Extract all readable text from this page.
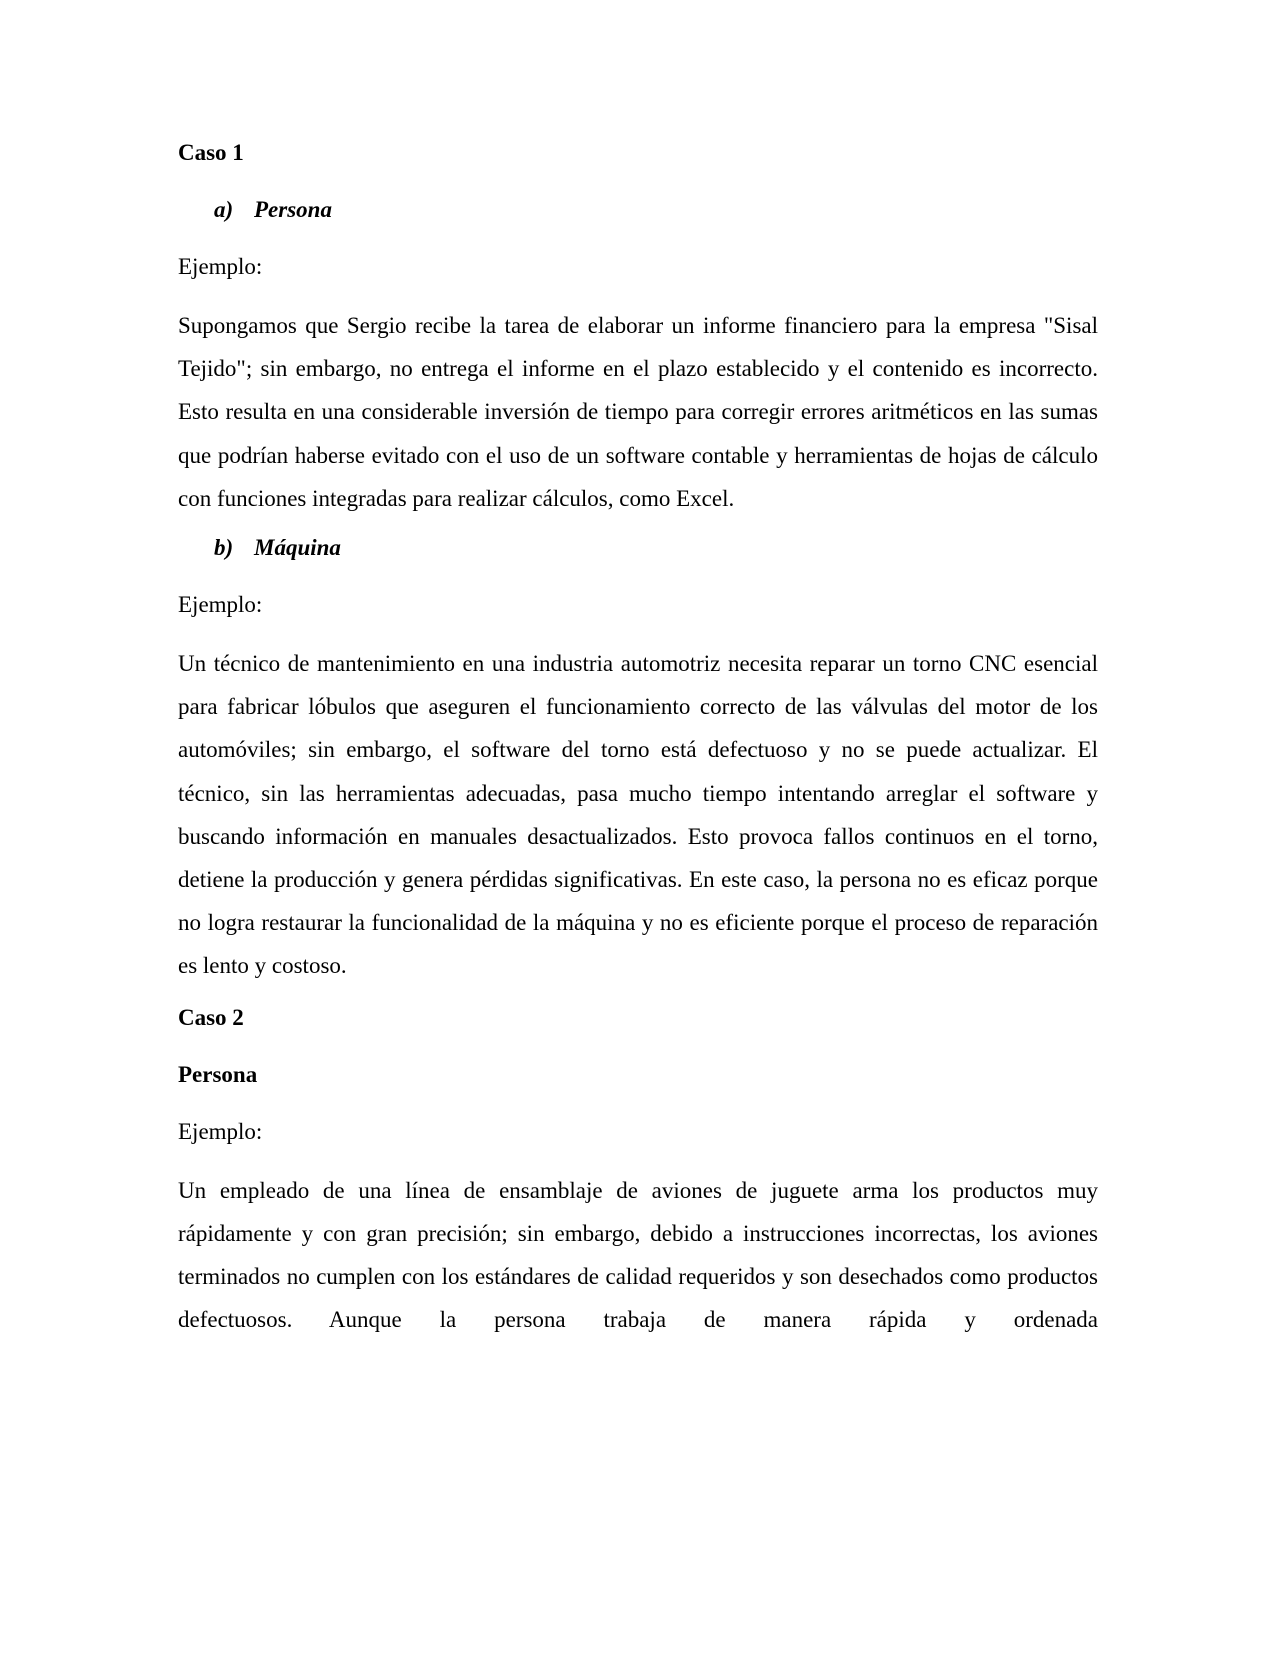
Caso 1

a) Persona

Ejemplo:

Supongamos que Sergio recibe la tarea de elaborar un informe financiero para la empresa "Sisal Tejido"; sin embargo, no entrega el informe en el plazo establecido y el contenido es incorrecto. Esto resulta en una considerable inversión de tiempo para corregir errores aritméticos en las sumas que podrían haberse evitado con el uso de un software contable y herramientas de hojas de cálculo con funciones integradas para realizar cálculos, como Excel.

b) Máquina

Ejemplo:

Un técnico de mantenimiento en una industria automotriz necesita reparar un torno CNC esencial para fabricar lóbulos que aseguren el funcionamiento correcto de las válvulas del motor de los automóviles; sin embargo, el software del torno está defectuoso y no se puede actualizar. El técnico, sin las herramientas adecuadas, pasa mucho tiempo intentando arreglar el software y buscando información en manuales desactualizados. Esto provoca fallos continuos en el torno, detiene la producción y genera pérdidas significativas. En este caso, la persona no es eficaz porque no logra restaurar la funcionalidad de la máquina y no es eficiente porque el proceso de reparación es lento y costoso.

Caso 2

Persona

Ejemplo:

Un empleado de una línea de ensamblaje de aviones de juguete arma los productos muy rápidamente y con gran precisión; sin embargo, debido a instrucciones incorrectas, los aviones terminados no cumplen con los estándares de calidad requeridos y son desechados como productos defectuosos. Aunque la persona trabaja de manera rápida y ordenada
